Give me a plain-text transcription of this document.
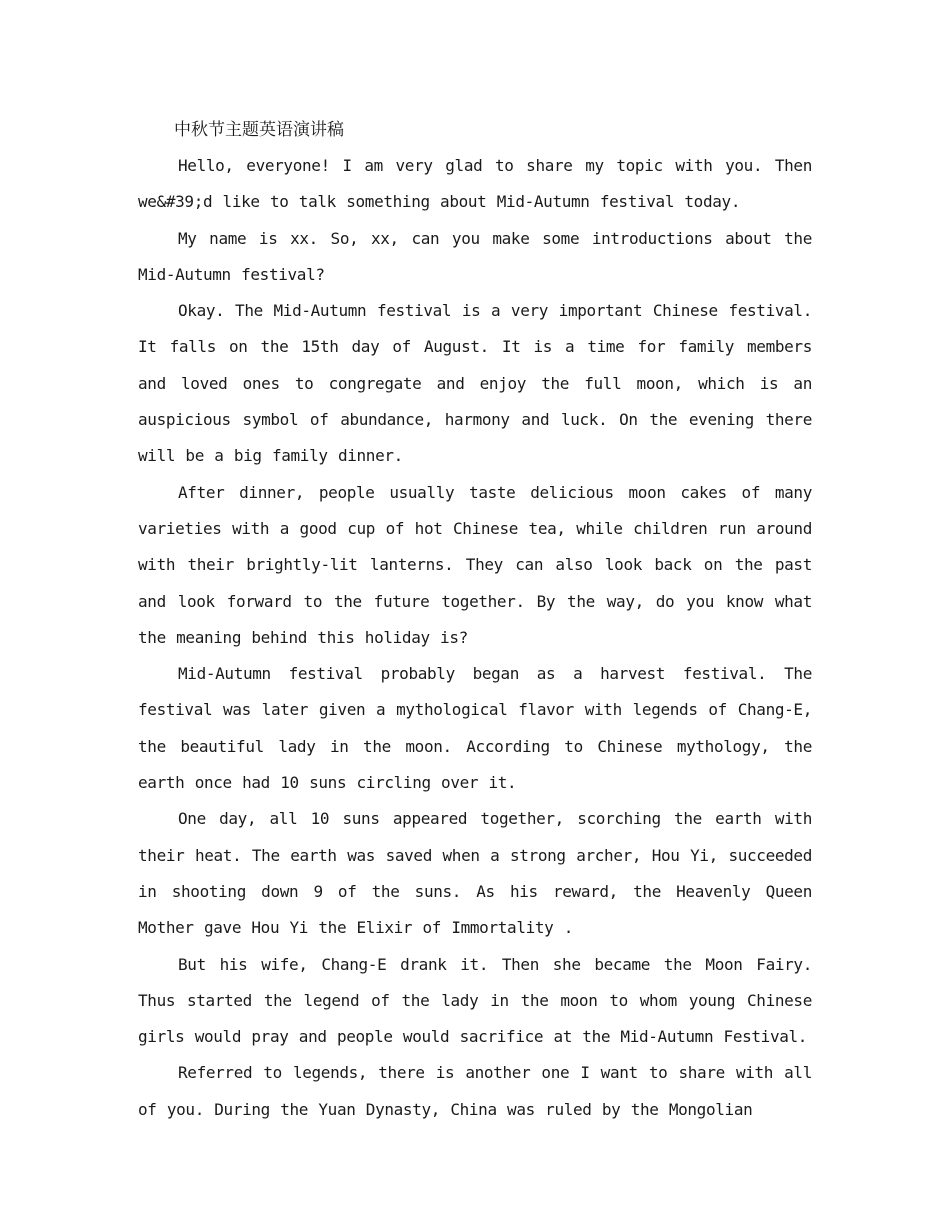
中秋节主题英语演讲稿

Hello, everyone! I am very glad to share my topic with you. Then we&#39;d like to talk something about Mid-Autumn festival today.

My name is xx. So, xx, can you make some introductions about the Mid-Autumn festival?

Okay. The Mid-Autumn festival is a very important Chinese festival. It falls on the 15th day of August. It is a time for family members and loved ones to congregate and enjoy the full moon, which is an auspicious symbol of abundance, harmony and luck. On the evening there will be a big family dinner.

After dinner, people usually taste delicious moon cakes of many varieties with a good cup of hot Chinese tea, while children run around with their brightly-lit lanterns. They can also look back on the past and look forward to the future together. By the way, do you know what the meaning behind this holiday is?

Mid-Autumn festival probably began as a harvest festival. The festival was later given a mythological flavor with legends of Chang-E, the beautiful lady in the moon. According to Chinese mythology, the earth once had 10 suns circling over it.

One day, all 10 suns appeared together, scorching the earth with their heat. The earth was saved when a strong archer, Hou Yi, succeeded in shooting down 9 of the suns. As his reward, the Heavenly Queen Mother gave Hou Yi the Elixir of Immortality .

But his wife, Chang-E drank it. Then she became the Moon Fairy. Thus started the legend of the lady in the moon to whom young Chinese girls would pray and people would sacrifice at the Mid-Autumn Festival.

Referred to legends, there is another one I want to share with all of you. During the Yuan Dynasty, China was ruled by the Mongolian
